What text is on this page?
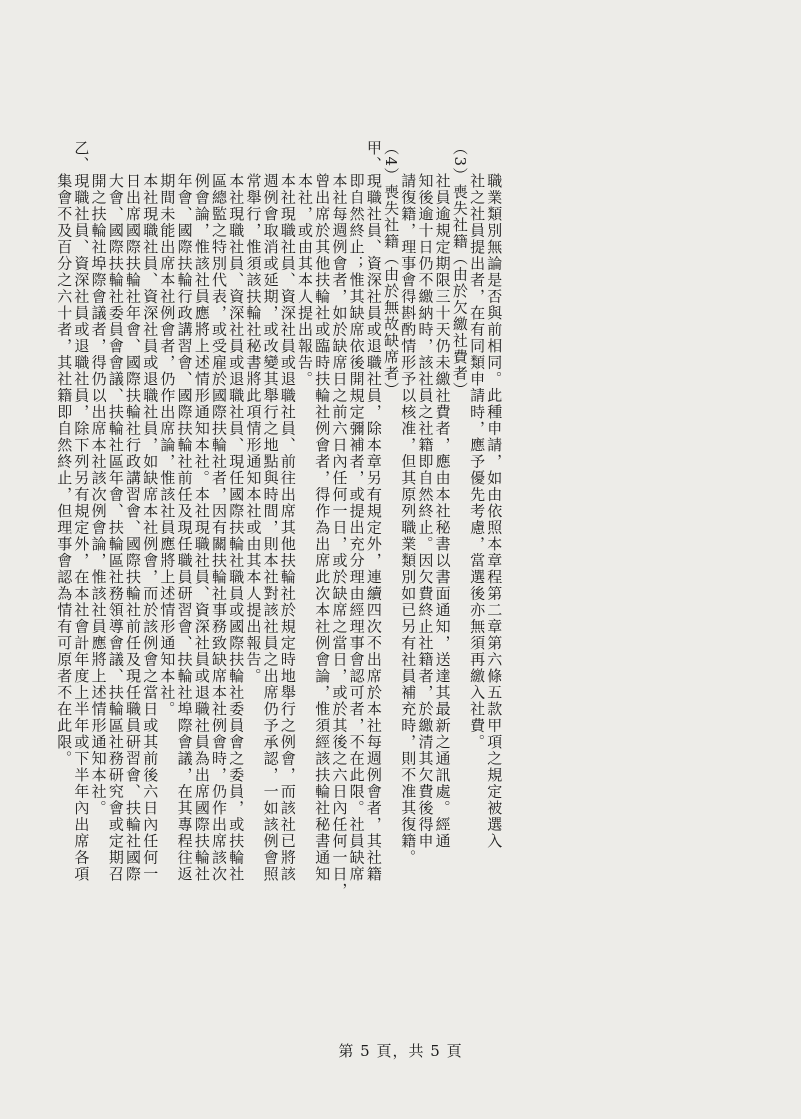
　　職業類別無論是否與前相同。此種申請，如由依照本章程第二章第六條五款甲項之規定被選入
　　社之社員提出者，在有同類申請時，應予優先考慮，當選後亦無須再繳入社費。
（3）喪失社籍（由於欠繳社費者）
　　社員逾規定期限三十天仍未繳社費者，應由本社秘書以書面通知，送達其最新之通訊處。經通
　　知後逾十日仍不繳納時，該社員之社籍即自然終止。因欠費終止社籍者，於繳清其欠費後得申
　　請復籍，理事會得斟酌情形予以核准，但其原列職業類別如已另有社員補充時，則不准其復籍。
（4）喪失社籍（由於無故缺席者）
甲、現職社員、資深社員或退職社員，除本章另有規定外，連續四次不出席於本社每週例會者，其社籍
　　即自然終止；惟其缺席依後開規定彌補者，或提出充分理由經理事會認可者，不在此限。社員缺席
　　本社每週例會者，如於缺席日之前六日內任何一日，或於缺席之當日，或於其後之六日內任何一日，
　　曾出席於其他扶輪社或臨時扶輪社例會者，得作為出席此次本社例會論，惟須經該扶輪社秘書通知
　　本社，或由其本人提出報告。
　　本社現職社員、資深社員或退職社員、前往出席其他扶輪社於規定時地舉行之例會，而該社已將該
　　週例會取消或延期，或改變其舉行之地點與時間，則本社對該社員之出席仍予承認，一如該例會照
　　常舉行，惟須該扶輪社秘書將此項情形通知本社或由其本人提出報告。
　　本社現職社員、資深社員或退職社員、現任國際扶輪社職員或國際扶輪社委員會之委員，或扶輪社
　　區總監之特別代表，或受雇於國際扶輪社者，因有關扶輪社事務致缺席本社例會時，仍作出席該次
　　例會論，惟該社員應將上述情形通知本社。本社現職社員、資深社員或退職社員為出席國際扶輪社
　　年會、國際扶輪行政講習會、國際扶輪社前任及現任職員研習會、扶輪社埠際會議，在其專程往返
　　期間未能出席本社例會者，仍作出席論，惟該社員應將上述情形通知本社。
　　本社現職社員、資深社員或退職社員，如缺席本社例會，而於該例會之當日或其前後六日內任何一
　　日出席國際扶輪社年會、國際扶輪社行政講習會、國際扶輪社前任及現任職員研習會、扶輪社國際
　　大會、國際扶輪社委員會會議、扶輪社區年會、扶輪區社務領導會議、扶輪區社務研究會或定期召
　　開之扶輪社埠際會議者，得仍以出席本社該次例會論，惟該社員應將上述情形通知本社。
乙、現職社員、資深社員或退職社員，除下列另有規定外，在本社會計年度上半年或下半年內出席各項
　　集會不及百分之六十者，其社籍即自然終止，但理事會認為情有可原者不在此限。
第 5 頁，共 5 頁
